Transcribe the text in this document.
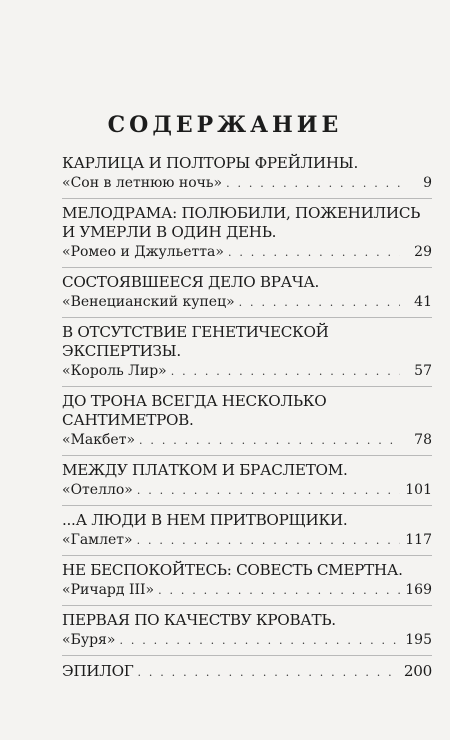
СОДЕРЖАНИЕ
КАРЛИЦА И ПОЛТОРЫ ФРЕЙЛИНЫ.
«Сон в летнюю ночь» . . .	9
МЕЛОДРАМА: ПОЛЮБИЛИ, ПОЖЕНИЛИСЬ
И УМЕРЛИ В ОДИН ДЕНЬ.
«Ромео и Джульетта» . . .	29
СОСТОЯВШЕЕСЯ ДЕЛО ВРАЧА.
«Венецианский купец» . . .	41
В ОТСУТСТВИЕ ГЕНЕТИЧЕСКОЙ
ЭКСПЕРТИЗЫ.
«Король Лир» . . .	57
ДО ТРОНА ВСЕГДА НЕСКОЛЬКО
САНТИМЕТРОВ.
«Макбет» . . .	78
МЕЖДУ ПЛАТКОМ И БРАСЛЕТОМ.
«Отелло» . . .	101
...А ЛЮДИ В НЕМ ПРИТВОРЩИКИ.
«Гамлет» . . .	117
НЕ БЕСПОКОЙТЕСЬ: СОВЕСТЬ СМЕРТНА.
«Ричард III» . . .	169
ПЕРВАЯ ПО КАЧЕСТВУ КРОВАТЬ.
«Буря» . . .	195
ЭПИЛОГ . . .	200
